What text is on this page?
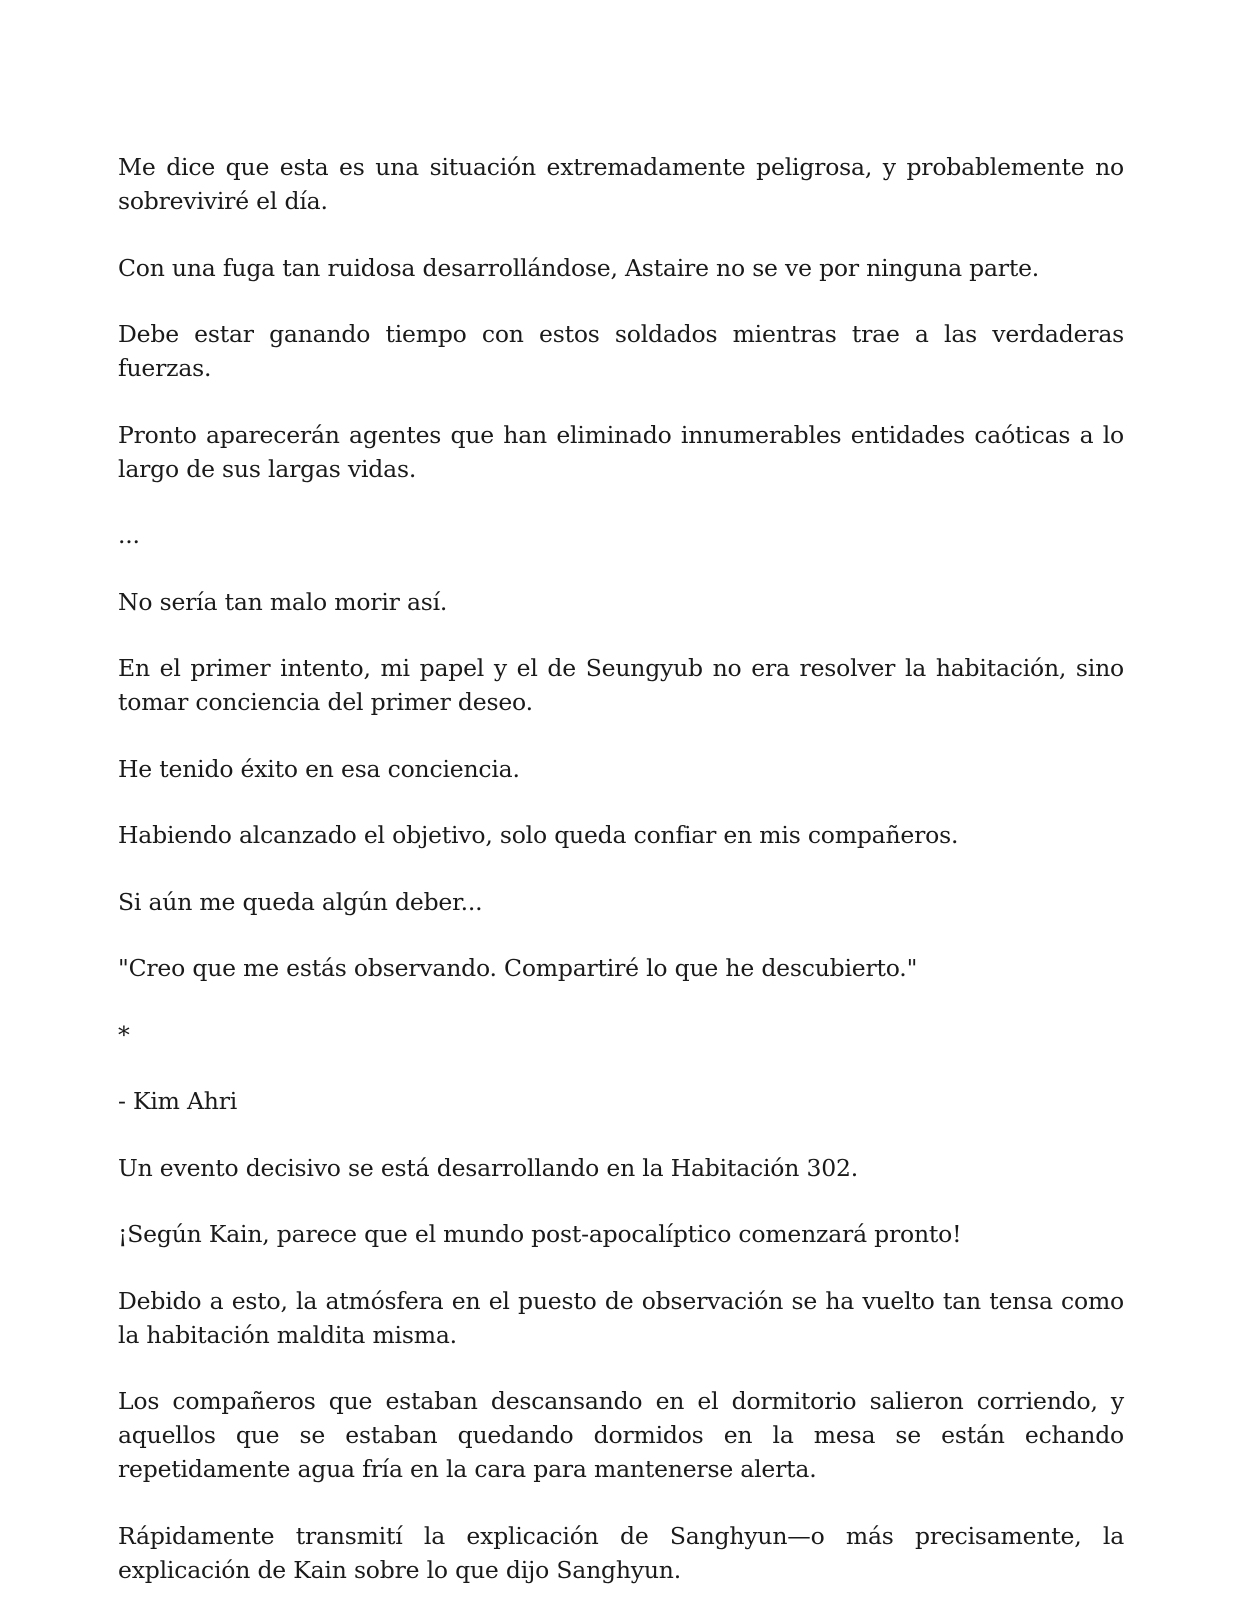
Me dice que esta es una situación extremadamente peligrosa, y probablemente no sobreviviré el día.

Con una fuga tan ruidosa desarrollándose, Astaire no se ve por ninguna parte.

Debe estar ganando tiempo con estos soldados mientras trae a las verdaderas fuerzas.

Pronto aparecerán agentes que han eliminado innumerables entidades caóticas a lo largo de sus largas vidas.

...

No sería tan malo morir así.

En el primer intento, mi papel y el de Seungyub no era resolver la habitación, sino tomar conciencia del primer deseo.

He tenido éxito en esa conciencia.

Habiendo alcanzado el objetivo, solo queda confiar en mis compañeros.

Si aún me queda algún deber...

"Creo que me estás observando. Compartiré lo que he descubierto."

*

- Kim Ahri

Un evento decisivo se está desarrollando en la Habitación 302.

¡Según Kain, parece que el mundo post-apocalíptico comenzará pronto!

Debido a esto, la atmósfera en el puesto de observación se ha vuelto tan tensa como la habitación maldita misma.

Los compañeros que estaban descansando en el dormitorio salieron corriendo, y aquellos que se estaban quedando dormidos en la mesa se están echando repetidamente agua fría en la cara para mantenerse alerta.

Rápidamente transmití la explicación de Sanghyun—o más precisamente, la explicación de Kain sobre lo que dijo Sanghyun.
